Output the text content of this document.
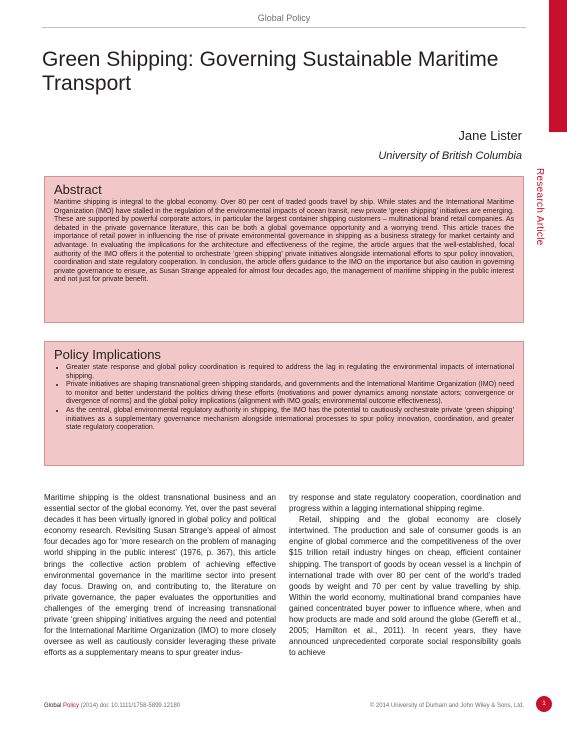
Global Policy
Green Shipping: Governing Sustainable Maritime Transport
Jane Lister
University of British Columbia
Research Article
Abstract

Maritime shipping is integral to the global economy. Over 80 per cent of traded goods travel by ship. While states and the International Maritime Organization (IMO) have stalled in the regulation of the environmental impacts of ocean transit, new private ‘green shipping’ initiatives are emerging. These are supported by powerful corporate actors, in particular the largest container shipping customers – multinational brand retail companies. As debated in the private governance literature, this can be both a global governance opportunity and a worrying trend. This article traces the importance of retail power in influencing the rise of private environmental governance in shipping as a business strategy for market certainty and advantage. In evaluating the implications for the architecture and effectiveness of the regime, the article argues that the well-established, focal authority of the IMO offers it the potential to orchestrate ‘green shipping’ private initiatives alongside international efforts to spur policy innovation, coordination and state regulatory cooperation. In conclusion, the article offers guidance to the IMO on the importance but also caution in governing private governance to ensure, as Susan Strange appealed for almost four decades ago, the management of maritime shipping in the public interest and not just for private benefit.

Policy Implications
• Greater state response and global policy coordination is required to address the lag in regulating the environmental impacts of international shipping.
• Private initiatives are shaping transnational green shipping standards, and governments and the International Maritime Organization (IMO) need to monitor and better understand the politics driving these efforts (motivations and power dynamics among nonstate actors; convergence or divergence of norms) and the global policy implications (alignment with IMO goals; environmental outcome effectiveness).
• As the central, global environmental regulatory authority in shipping, the IMO has the potential to cautiously orchestrate private ‘green shipping’ initiatives as a supplementary governance mechanism alongside international processes to spur policy innovation, coordination, and greater state regulatory cooperation.

Maritime shipping is the oldest transnational business and an essential sector of the global economy. Yet, over the past several decades it has been virtually ignored in global policy and political economy research. Revisiting Susan Strange’s appeal of almost four decades ago for ‘more research on the problem of managing world shipping in the public interest’ (1976, p. 367), this article brings the collective action problem of achieving effective environmental governance in the maritime sector into present day focus. Drawing on, and contributing to, the literature on private governance, the paper evaluates the opportunities and challenges of the emerging trend of increasing transnational private ‘green shipping’ initiatives arguing the need and potential for the International Maritime Organization (IMO) to more closely oversee as well as cautiously consider leveraging these private efforts as a supplementary means to spur greater indus-

try response and state regulatory cooperation, coordination and progress within a lagging international shipping regime.

Retail, shipping and the global economy are closely intertwined. The production and sale of consumer goods is an engine of global commerce and the competitiveness of the over $15 trillion retail industry hinges on cheap, efficient container shipping. The transport of goods by ocean vessel is a linchpin of international trade with over 80 per cent of the world’s traded goods by weight and 70 per cent by value travelling by ship. Within the world economy, multinational brand companies have gained concentrated buyer power to influence where, when and how products are made and sold around the globe (Gereffi et al., 2005; Hamilton et al., 2011). In recent years, they have announced unprecedented corporate social responsibility goals to achieve

Global Policy (2014) doi: 10.1111/1758-5899.12180	© 2014 University of Durham and John Wiley & Sons, Ltd.	1
